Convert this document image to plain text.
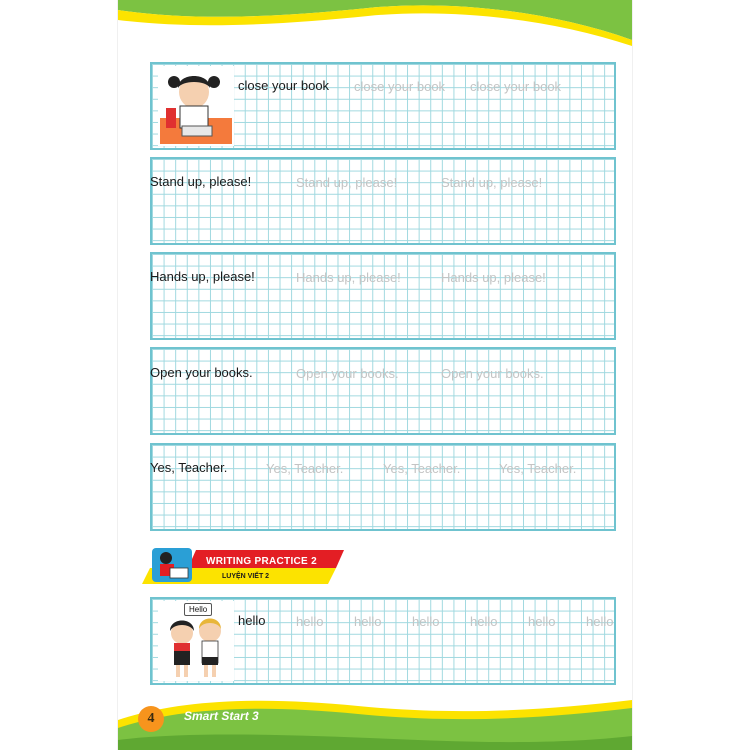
close your book close your book close your book
Stand up, please!	Stand up, please!	Stand up, please!
Hands up, please!	Hands up, please!	Hands up, please!
Open your books.	Open your books.	Open your books.
Yes, Teacher.	Yes, Teacher.	Yes, Teacher.	Yes, Teacher.
WRITING PRACTICE 2
LUYỆN VIẾT 2
Hello
hello hello hello hello hello hello hello
4	Smart Start 3
